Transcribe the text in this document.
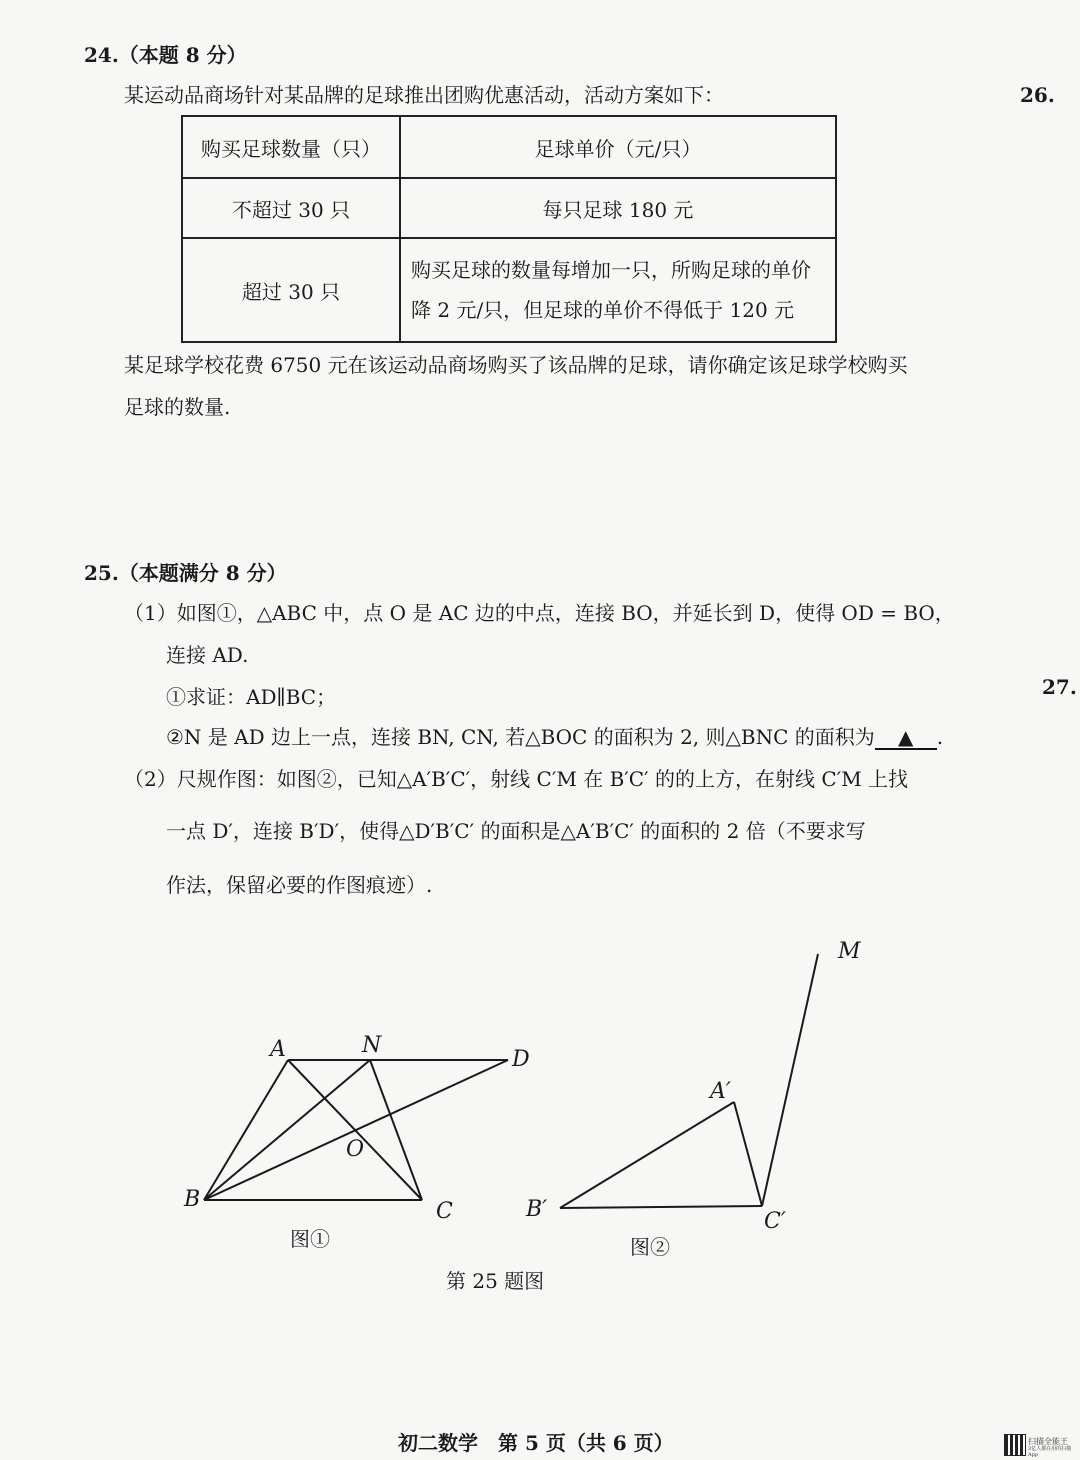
24.（本题 8 分）
某运动品商场针对某品牌的足球推出团购优惠活动，活动方案如下：
购买足球数量（只）	足球单价（元/只）
不超过 30 只	每只足球 180 元
超过 30 只	购买足球的数量每增加一只，所购足球的单价
降 2 元/只，但足球的单价不得低于 120 元
某足球学校花费 6750 元在该运动品商场购买了该品牌的足球，请你确定该足球学校购买
足球的数量.
26.
27.
25.（本题满分 8 分）
（1）如图①，△ABC 中，点 O 是 AC 边的中点，连接 BO，并延长到 D，使得 OD = BO，
连接 AD.
①求证：AD∥BC；
②N 是 AD 边上一点，连接 BN, CN, 若△BOC 的面积为 2, 则△BNC 的面积为 ▲ .
（2）尺规作图：如图②，已知△A′B′C′，射线 C′M 在 B′C′ 的的上方，在射线 C′M 上找
一点 D′，连接 B′D′，使得△D′B′C′ 的面积是△A′B′C′ 的面积的 2 倍（不要求写
作法，保留必要的作图痕迹）.
A	N
D
O
B	C
图①
M
A′
B′	C′
图②
第 25 题图
初二数学　第 5 页（共 6 页）	扫描全能王
3亿人都在用的扫描App
